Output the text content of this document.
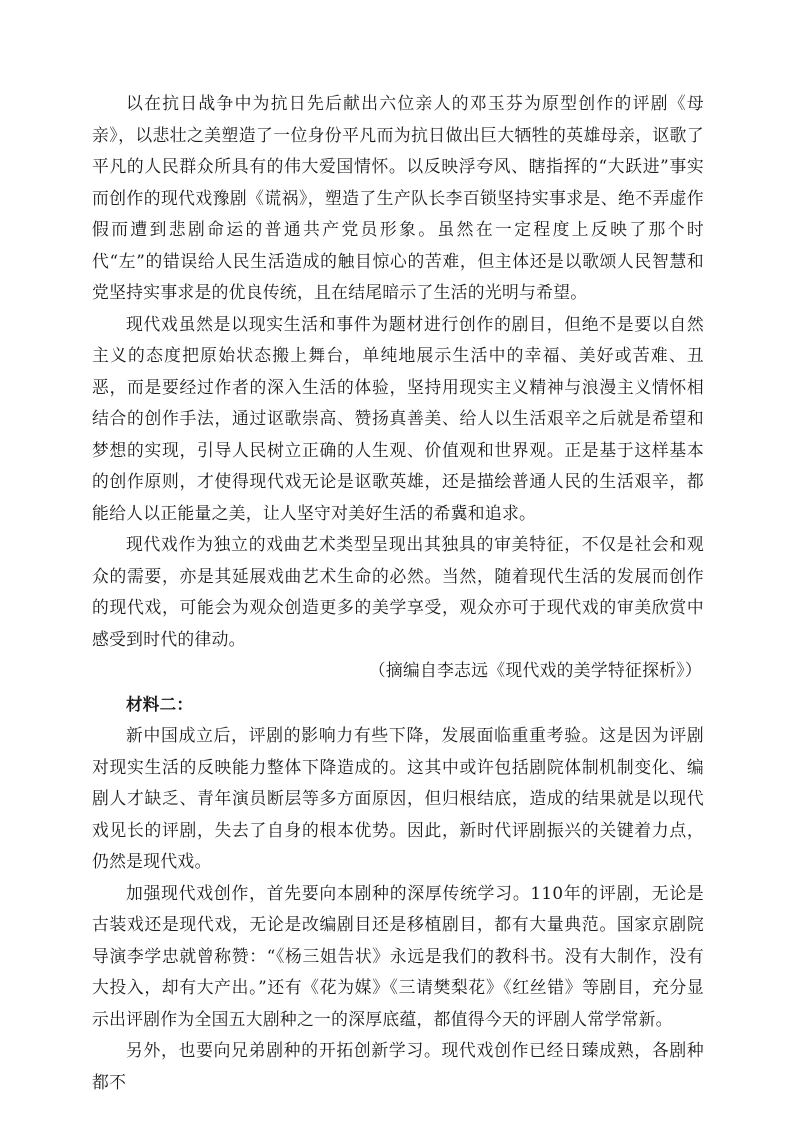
以在抗日战争中为抗日先后献出六位亲人的邓玉芬为原型创作的评剧《母亲》，以悲壮之美塑造了一位身份平凡而为抗日做出巨大牺牲的英雄母亲，讴歌了平凡的人民群众所具有的伟大爱国情怀。以反映浮夸风、瞎指挥的“大跃进”事实而创作的现代戏豫剧《谎祸》，塑造了生产队长李百锁坚持实事求是、绝不弄虚作假而遭到悲剧命运的普通共产党员形象。虽然在一定程度上反映了那个时代“左”的错误给人民生活造成的触目惊心的苦难，但主体还是以歌颂人民智慧和党坚持实事求是的优良传统，且在结尾暗示了生活的光明与希望。

现代戏虽然是以现实生活和事件为题材进行创作的剧目，但绝不是要以自然主义的态度把原始状态搬上舞台，单纯地展示生活中的幸福、美好或苦难、丑恶，而是要经过作者的深入生活的体验，坚持用现实主义精神与浪漫主义情怀相结合的创作手法，通过讴歌崇高、赞扬真善美、给人以生活艰辛之后就是希望和梦想的实现，引导人民树立正确的人生观、价值观和世界观。正是基于这样基本的创作原则，才使得现代戏无论是讴歌英雄，还是描绘普通人民的生活艰辛，都能给人以正能量之美，让人坚守对美好生活的希冀和追求。

现代戏作为独立的戏曲艺术类型呈现出其独具的审美特征，不仅是社会和观众的需要，亦是其延展戏曲艺术生命的必然。当然，随着现代生活的发展而创作的现代戏，可能会为观众创造更多的美学享受，观众亦可于现代戏的审美欣赏中感受到时代的律动。

（摘编自李志远《现代戏的美学特征探析》）

材料二：

新中国成立后，评剧的影响力有些下降，发展面临重重考验。这是因为评剧对现实生活的反映能力整体下降造成的。这其中或许包括剧院体制机制变化、编剧人才缺乏、青年演员断层等多方面原因，但归根结底，造成的结果就是以现代戏见长的评剧，失去了自身的根本优势。因此，新时代评剧振兴的关键着力点，仍然是现代戏。

加强现代戏创作，首先要向本剧种的深厚传统学习。110年的评剧，无论是古装戏还是现代戏，无论是改编剧目还是移植剧目，都有大量典范。国家京剧院导演李学忠就曾称赞：“《杨三姐告状》永远是我们的教科书。没有大制作，没有大投入，却有大产出。”还有《花为媒》《三请樊梨花》《红丝错》等剧目，充分显示出评剧作为全国五大剧种之一的深厚底蕴，都值得今天的评剧人常学常新。

另外，也要向兄弟剧种的开拓创新学习。现代戏创作已经日臻成熟，各剧种都不
